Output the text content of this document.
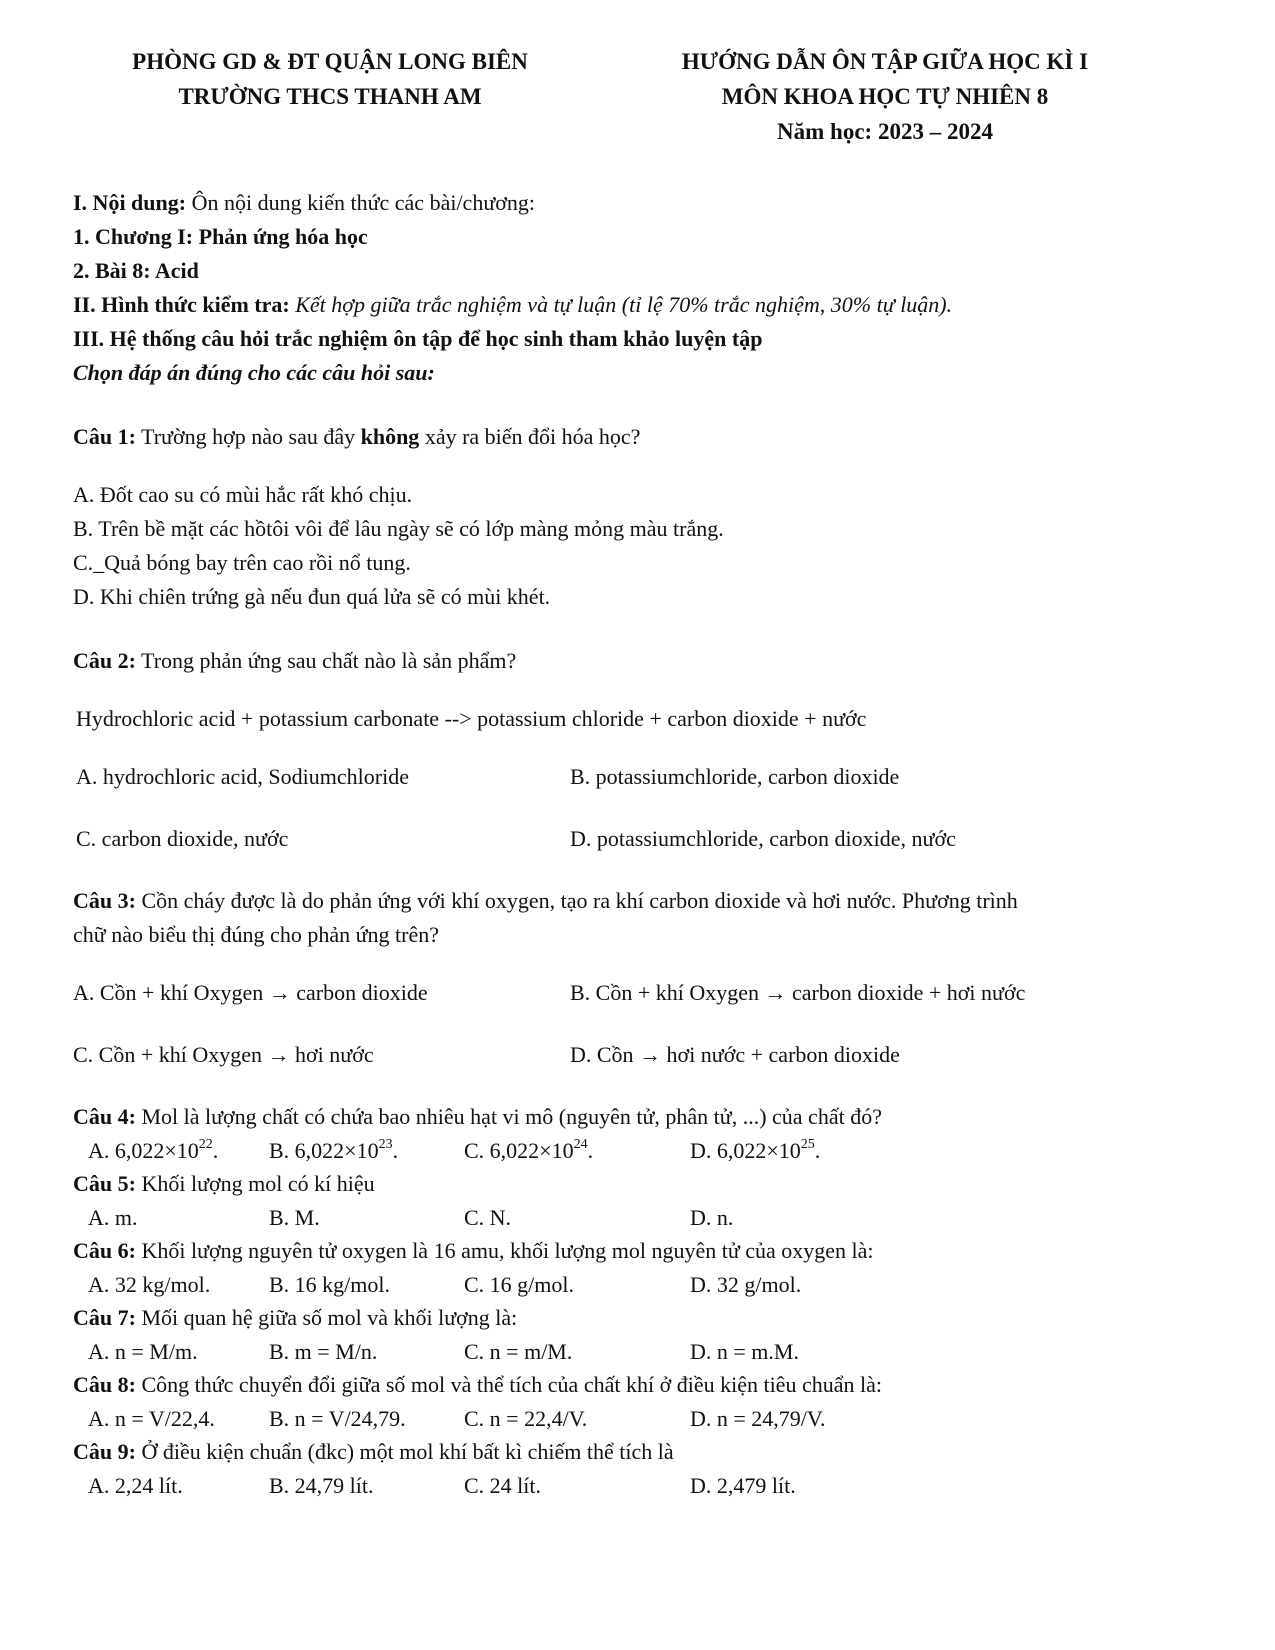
PHÒNG GD & ĐT QUẬN LONG BIÊN
TRƯỜNG THCS THANH AM
HƯỚNG DẪN ÔN TẬP GIỮA HỌC KÌ I
MÔN KHOA HỌC TỰ NHIÊN 8
Năm học: 2023 – 2024
I. Nội dung: Ôn nội dung kiến thức các bài/chương:
1. Chương I: Phản ứng hóa học
2. Bài 8: Acid
II. Hình thức kiểm tra: Kết hợp giữa trắc nghiệm và tự luận (tỉ lệ 70% trắc nghiệm, 30% tự luận).
III. Hệ thống câu hỏi trắc nghiệm ôn tập để học sinh tham khảo luyện tập
Chọn đáp án đúng cho các câu hỏi sau:
Câu 1: Trường hợp nào sau đây không xảy ra biến đổi hóa học?
A. Đốt cao su có mùi hắc rất khó chịu.
B. Trên bề mặt các hồtôi vôi để lâu ngày sẽ có lớp màng mỏng màu trắng.
C._Quả bóng bay trên cao rồi nổ tung.
D. Khi chiên trứng gà nếu đun quá lửa sẽ có mùi khét.
Câu 2: Trong phản ứng sau chất nào là sản phẩm?
Hydrochloric acid + potassium carbonate --> potassium chloride + carbon dioxide + nước
A. hydrochloric acid, Sodiumchloride	B. potassiumchloride, carbon dioxide
C. carbon dioxide, nước	D. potassiumchloride, carbon dioxide, nước
Câu 3: Cồn cháy được là do phản ứng với khí oxygen, tạo ra khí carbon dioxide và hơi nước. Phương trình
chữ nào biểu thị đúng cho phản ứng trên?
A. Cồn + khí Oxygen → carbon dioxide	B. Cồn + khí Oxygen → carbon dioxide + hơi nước
C. Cồn + khí Oxygen → hơi nước	D. Cồn → hơi nước + carbon dioxide
Câu 4: Mol là lượng chất có chứa bao nhiêu hạt vi mô (nguyên tử, phân tử, ...) của chất đó?
A. $6,022\times 10^{22}$. B. $6,022\times 10^{23}$.	C. $6,022\times 10^{24}$.	D. $6,022\times 10^{25}$.
Câu 5: Khối lượng mol có kí hiệu
A. m.	B. M.	C. N.	D. n.
Câu 6: Khối lượng nguyên tử oxygen là 16 amu, khối lượng mol nguyên tử của oxygen là:
A. 32 kg/mol.	B. 16 kg/mol.	C. 16 g/mol.	D. 32 g/mol.
Câu 7: Mối quan hệ giữa số mol và khối lượng là:
A. n = M/m.	B. m = M/n.	C. n = m/M.	D. n = m.M.
Câu 8: Công thức chuyển đổi giữa số mol và thể tích của chất khí ở điều kiện tiêu chuẩn là:
A. n = V/22,4. B. n = V/24,79.	C. n = 22,4/V.	D. n = 24,79/V.
Câu 9: Ở điều kiện chuẩn (đkc) một mol khí bất kì chiếm thể tích là
A. 2,24 lít.	B. 24,79 lít.	C. 24 lít.	D. 2,479 lít.
